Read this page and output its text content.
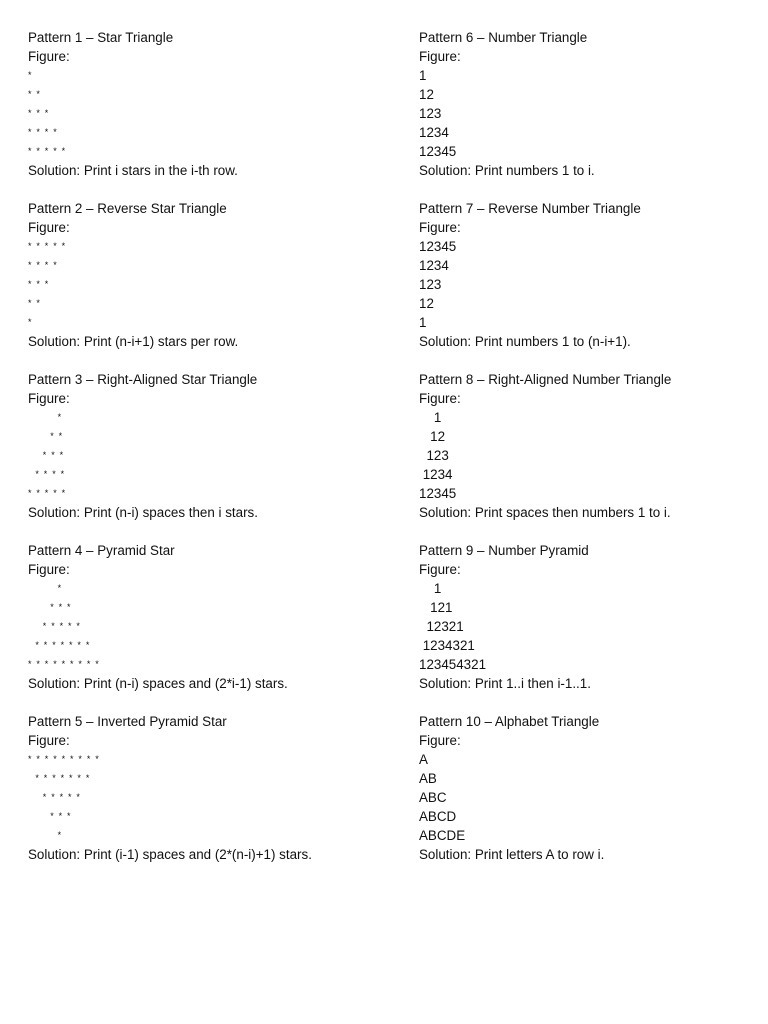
Pattern 1 – Star Triangle
Figure:
*
* *
* * *
* * * *
* * * * *
Solution: Print i stars in the i-th row.
Pattern 2 – Reverse Star Triangle
Figure:
* * * * *
* * * *
* * *
* *
*
Solution: Print (n-i+1) stars per row.
Pattern 3 – Right-Aligned Star Triangle
Figure:
*
* *
* * *
* * * *
* * * * *
Solution: Print (n-i) spaces then i stars.
Pattern 4 – Pyramid Star
Figure:
*
* * *
* * * * *
* * * * * * *
* * * * * * * * *
Solution: Print (n-i) spaces and (2*i-1) stars.
Pattern 5 – Inverted Pyramid Star
Figure:
* * * * * * * * *
* * * * * * *
* * * * *
* * *
*
Solution: Print (i-1) spaces and (2*(n-i)+1) stars.
Pattern 6 – Number Triangle
Figure:
1
12
123
1234
12345
Solution: Print numbers 1 to i.
Pattern 7 – Reverse Number Triangle
Figure:
12345
1234
123
12
1
Solution: Print numbers 1 to (n-i+1).
Pattern 8 – Right-Aligned Number Triangle
Figure:
1
12
123
1234
12345
Solution: Print spaces then numbers 1 to i.
Pattern 9 – Number Pyramid
Figure:
1
121
12321
1234321
123454321
Solution: Print 1..i then i-1..1.
Pattern 10 – Alphabet Triangle
Figure:
A
AB
ABC
ABCD
ABCDE
Solution: Print letters A to row i.
